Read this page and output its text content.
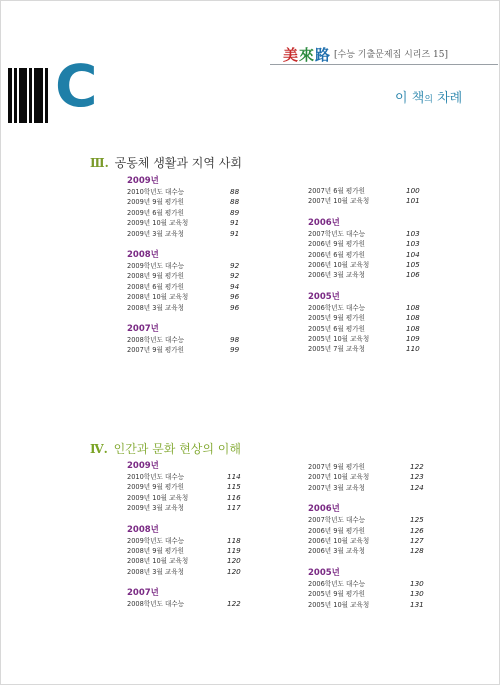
美來路 [수능 기출문제집 시리즈 15]
C	이 책의 차례
Ⅲ. 공동체 생활과 지역 사회
2009년
2010학년도 대수능	88
2009년 9월 평가원	88
2009년 6월 평가원	89
2009년 10월 교육청	91
2009년 3월 교육청	91
2008년
2009학년도 대수능	92
2008년 9월 평가원	92
2008년 6월 평가원	94
2008년 10월 교육청	96
2008년 3월 교육청	96
2007년
2008학년도 대수능	98
2007년 9월 평가원	99
2007년 6월 평가원	100
2007년 10월 교육청	101
2006년
2007학년도 대수능	103
2006년 9월 평가원	103
2006년 6월 평가원	104
2006년 10월 교육청	105
2006년 3월 교육청	106
2005년
2006학년도 대수능	108
2005년 9월 평가원	108
2005년 6월 평가원	108
2005년 10월 교육청	109
2005년 7월 교육청	110
Ⅳ. 인간과 문화 현상의 이해
2009년
2010학년도 대수능	114
2009년 9월 평가원	115
2009년 10월 교육청	116
2009년 3월 교육청	117
2008년
2009학년도 대수능	118
2008년 9월 평가원	119
2008년 10월 교육청	120
2008년 3월 교육청	120
2007년
2008학년도 대수능	122
2007년 9월 평가원	122
2007년 10월 교육청	123
2007년 3월 교육청	124
2006년
2007학년도 대수능	125
2006년 9월 평가원	126
2006년 10월 교육청	127
2006년 3월 교육청	128
2005년
2006학년도 대수능	130
2005년 9월 평가원	130
2005년 10월 교육청	131
